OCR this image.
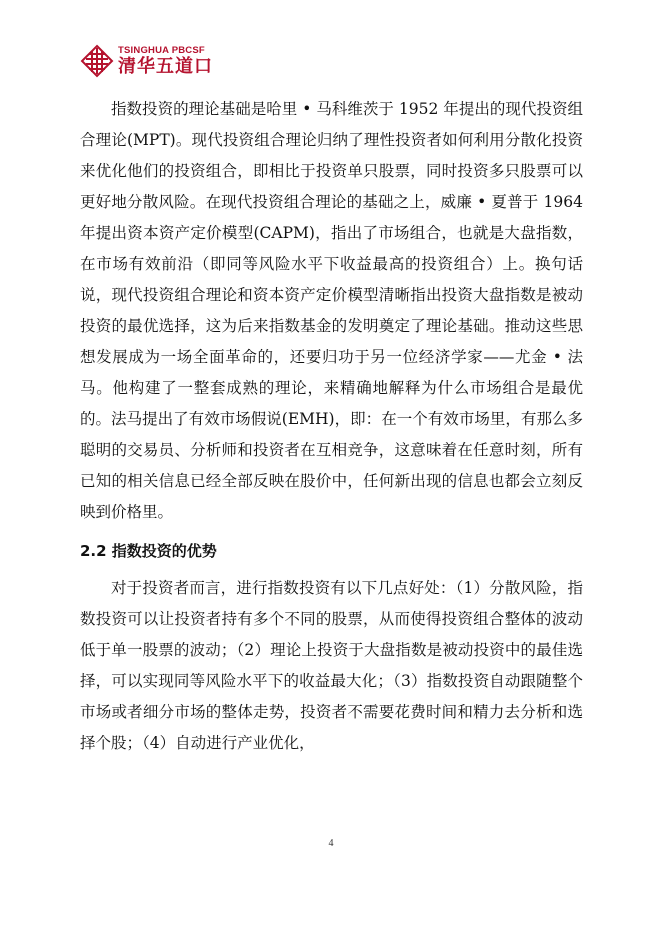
TSINGHUA PBCSF
清华五道口

指数投资的理论基础是哈里 • 马科维茨于 1952 年提出的现代投资组合理论(MPT)。现代投资组合理论归纳了理性投资者如何利用分散化投资来优化他们的投资组合，即相比于投资单只股票，同时投资多只股票可以更好地分散风险。在现代投资组合理论的基础之上，威廉 • 夏普于 1964 年提出资本资产定价模型(CAPM)，指出了市场组合，也就是大盘指数，在市场有效前沿（即同等风险水平下收益最高的投资组合）上。换句话说，现代投资组合理论和资本资产定价模型清晰指出投资大盘指数是被动投资的最优选择，这为后来指数基金的发明奠定了理论基础。推动这些思想发展成为一场全面革命的，还要归功于另一位经济学家——尤金 • 法马。他构建了一整套成熟的理论，来精确地解释为什么市场组合是最优的。法马提出了有效市场假说(EMH)，即：在一个有效市场里，有那么多聪明的交易员、分析师和投资者在互相竞争，这意味着在任意时刻，所有已知的相关信息已经全部反映在股价中，任何新出现的信息也都会立刻反映到价格里。

2.2 指数投资的优势

对于投资者而言，进行指数投资有以下几点好处：（1）分散风险，指数投资可以让投资者持有多个不同的股票，从而使得投资组合整体的波动低于单一股票的波动；（2）理论上投资于大盘指数是被动投资中的最佳选择，可以实现同等风险水平下的收益最大化；（3）指数投资自动跟随整个市场或者细分市场的整体走势，投资者不需要花费时间和精力去分析和选择个股；（4）自动进行产业优化，

4
